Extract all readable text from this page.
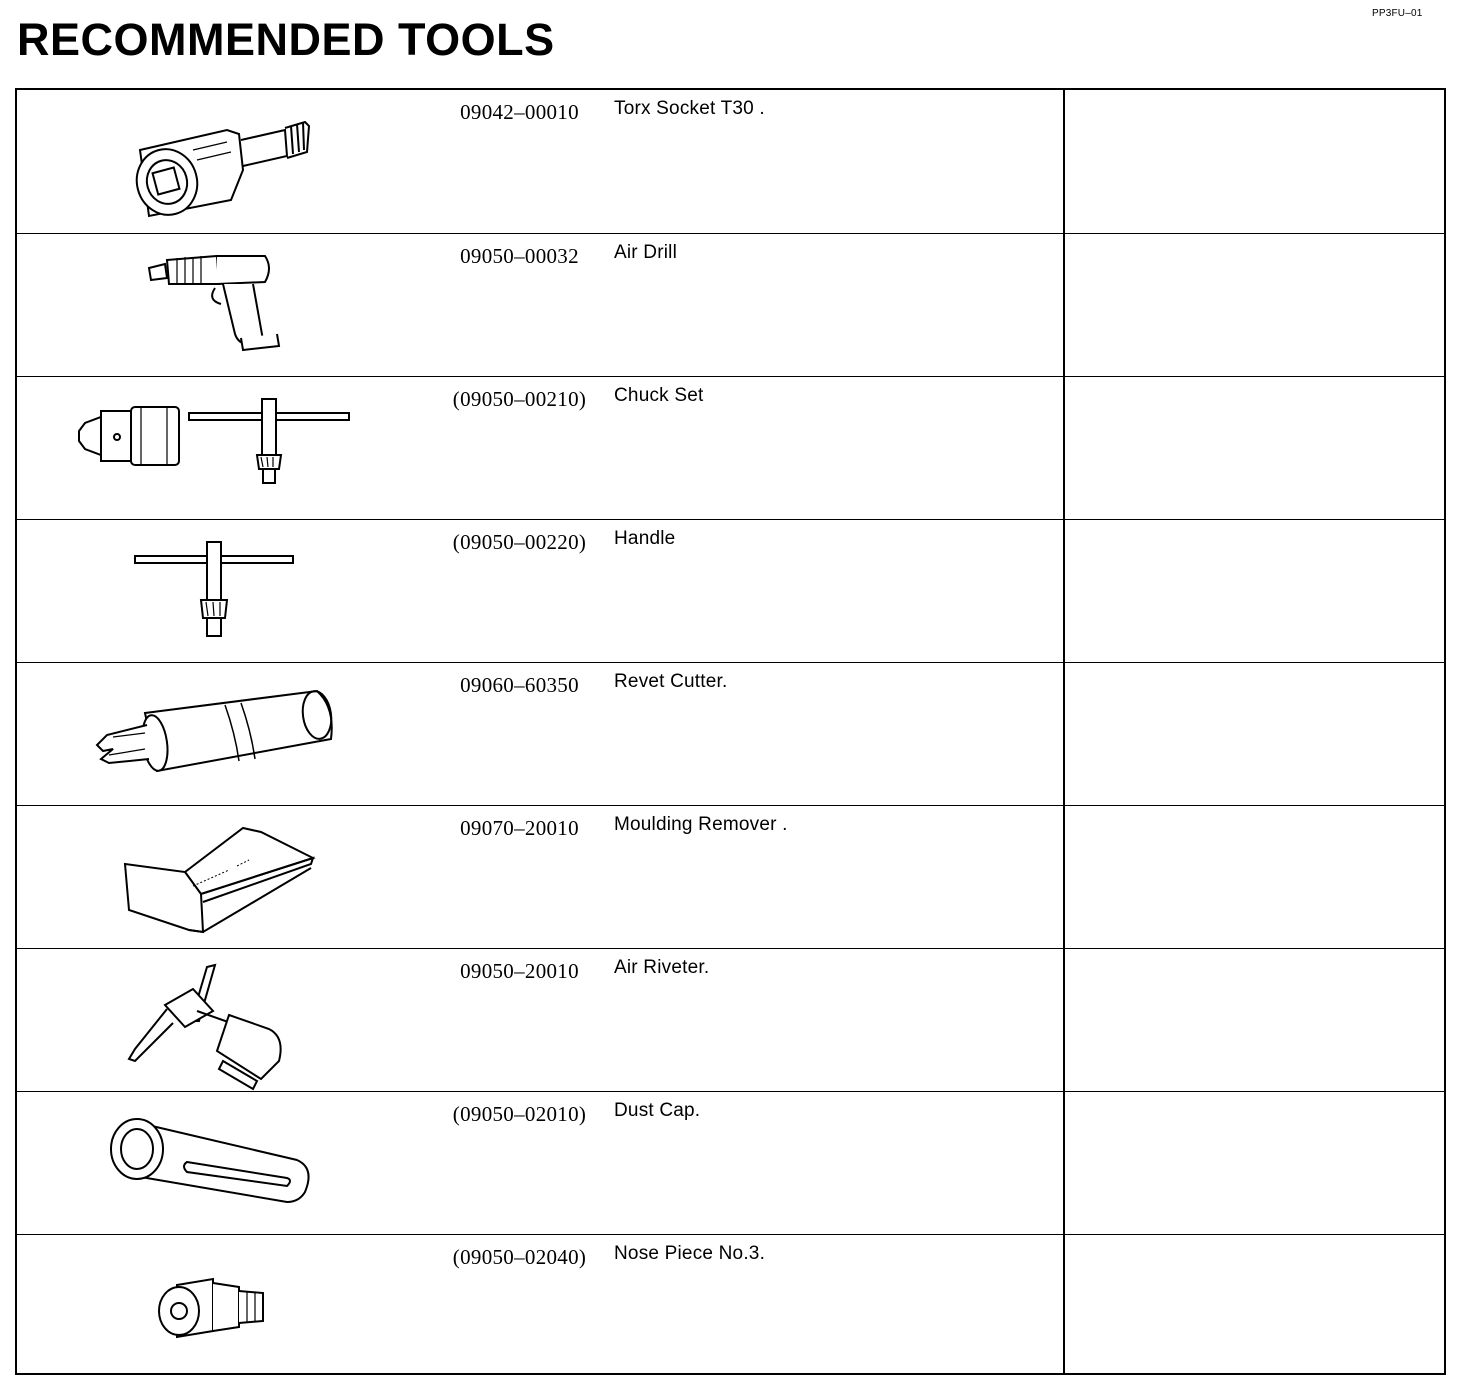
PP3FU–01
RECOMMENDED TOOLS
09042–00010	Torx Socket T30 .
09050–00032	Air Drill
(09050–00210)	Chuck Set
(09050–00220)	Handle
09060–60350	Revet Cutter.
09070–20010	Moulding Remover .
09050–20010	Air Riveter.
(09050–02010)	Dust Cap.
(09050–02040)	Nose Piece No.3.
